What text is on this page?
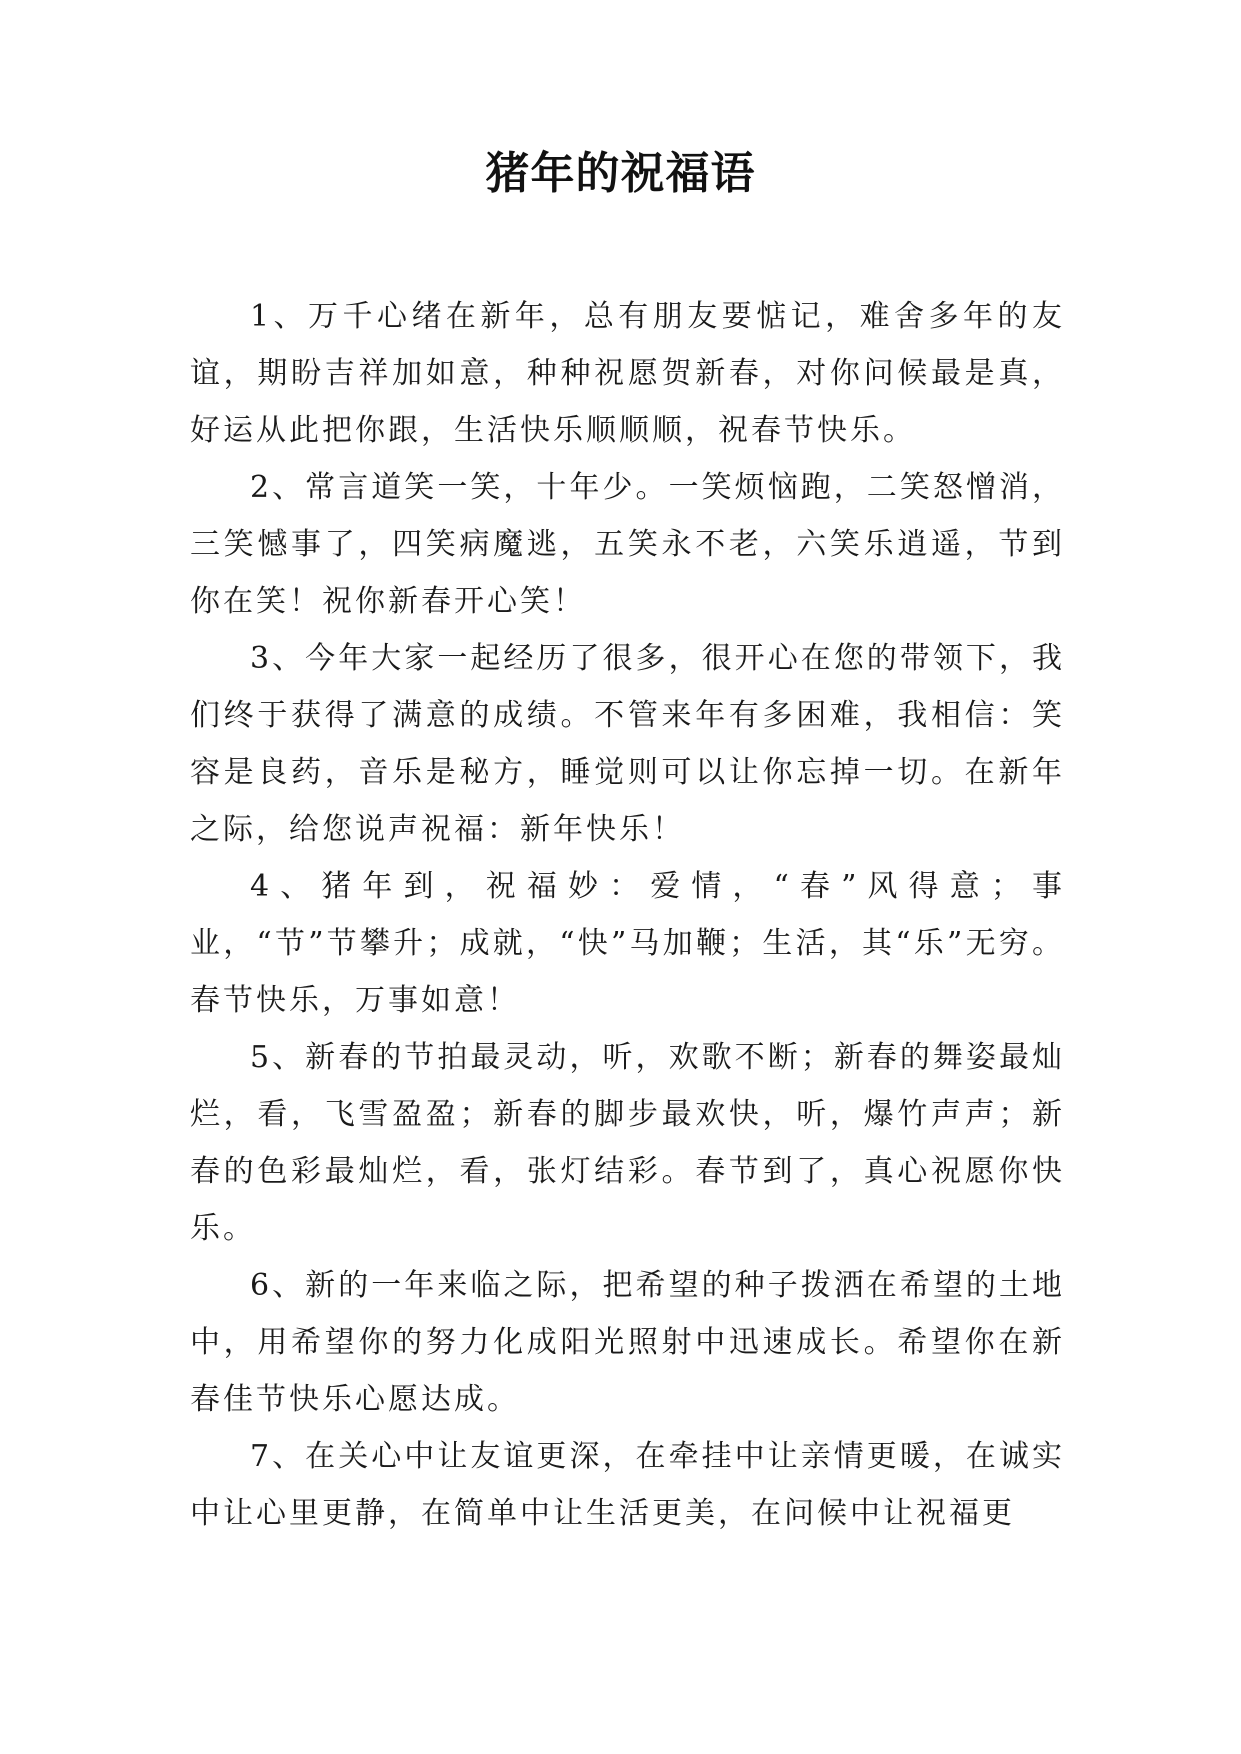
猪年的祝福语

1、万千心绪在新年，总有朋友要惦记，难舍多年的友谊，期盼吉祥加如意，种种祝愿贺新春，对你问候最是真，好运从此把你跟，生活快乐顺顺顺，祝春节快乐。

2、常言道笑一笑，十年少。一笑烦恼跑，二笑怒憎消，三笑憾事了，四笑病魔逃，五笑永不老，六笑乐逍遥，节到你在笑！祝你新春开心笑！

3、今年大家一起经历了很多，很开心在您的带领下，我们终于获得了满意的成绩。不管来年有多困难，我相信：笑容是良药，音乐是秘方，睡觉则可以让你忘掉一切。在新年之际，给您说声祝福：新年快乐！

4、猪年到，祝福妙：爱情，“春”风得意；事业，“节”节攀升；成就，“快”马加鞭；生活，其“乐”无穷。春节快乐，万事如意！

5、新春的节拍最灵动，听，欢歌不断；新春的舞姿最灿烂，看，飞雪盈盈；新春的脚步最欢快，听，爆竹声声；新春的色彩最灿烂，看，张灯结彩。春节到了，真心祝愿你快乐。

6、新的一年来临之际，把希望的种子拨洒在希望的土地中，用希望你的努力化成阳光照射中迅速成长。希望你在新春佳节快乐心愿达成。

7、在关心中让友谊更深，在牵挂中让亲情更暖，在诚实中让心里更静，在简单中让生活更美，在问候中让祝福更
